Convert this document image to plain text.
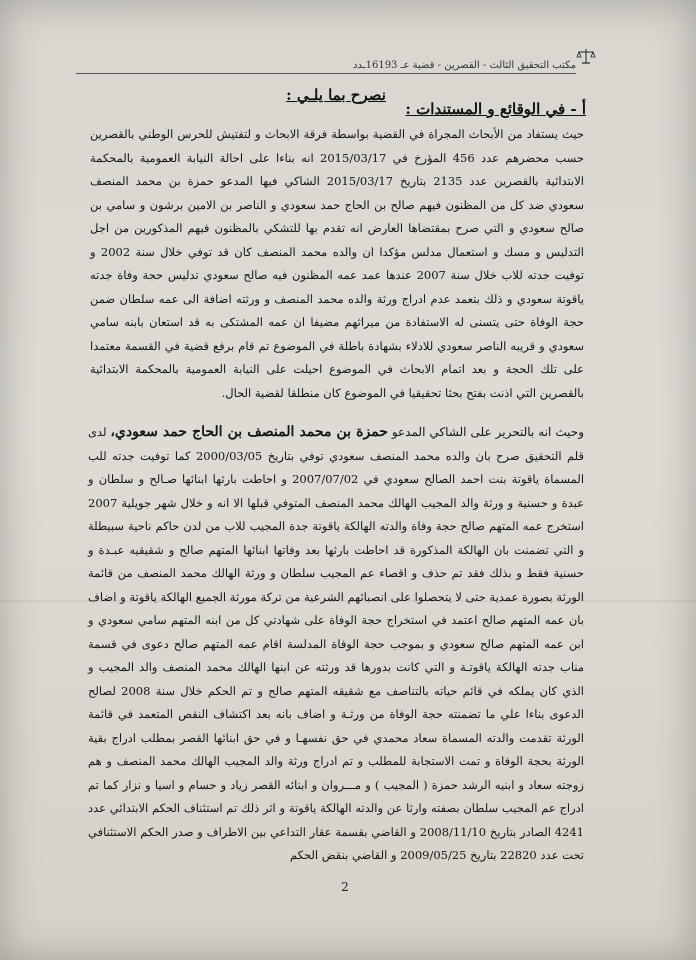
مكتب التحقيق الثالث - القصرين - قضية عـ 16193ـدد
نصرح بما يلـي :
أ - في الوقائع و المستندات :

حيث يستفاد من الأبحاث المجراة في القضية بواسطة فرقة الابحاث و لتفتيش للحرس الوطني بالقصرين حسب محضرهم عدد 456 المؤرخ في 2015/03/17 انه بناءا على احالة النيابة العمومية بالمحكمة الابتدائية بالقصرين عدد 2135 بتاريخ 2015/03/17 الشاكي فيها المدعو حمزة بن محمد المنصف سعودي ضد كل من المظنون فيهم صالح بن الحاج حمد سعودي و الناصر بن الامين برشون و سامي بن صالح سعودي و التي صرح بمقتضاها العارض انه تقدم بها للتشكي بالمظنون فيهم المذكورين من اجل التدليس و مسك و استعمال مدلس مؤكدا ان والده محمد المنصف كان قد توفي خلال سنة 2002 و توفيت جدته للاب خلال سنة 2007 عندها عمد عمه المظنون فيه صالح سعودي تدليس حجة وفاة جدته ياقوتة سعودي و ذلك بتعمد عدم ادراج ورثة والده محمد المنصف و ورثته اضافة الى عمه سلطان ضمن حجة الوفاة حتى يتسنى له الاستفادة من ميراثهم مضيفا ان عمه المشتكى به قد استعان بابنه سامي سعودي و قريبه الناصر سعودي للادلاء بشهادة باطلة في الموضوع تم قام برفع قضية في القسمة معتمدا على تلك الحجة و بعد اتمام الابحاث في الموضوع احيلت على النيابة العمومية بالمحكمة الابتدائية بالقصرين التي اذنت بفتح بحثا تحقيقيا في الموضوع كان منطلقا لقضية الحال.

وحيث انه بالتحرير على الشاكي المدعو حمزة بن محمد المنصف بن الحاج حمد سعودي، لدى قلم التحقيق صرح بان والده محمد المنصف سعودي توفي بتاريخ 2000/03/05 كما توفيت جدته للب المسماة ياقوتة بنت احمد الصالح سعودي في 2007/07/02 و احاطت بارثها ابنائها صـالح و سلطان و عبدة و حسنية و ورثة والد المجيب الهالك محمد المنصف المتوفي قبلها الا انه و خلال شهر جويلية 2007 استخرج عمه المتهم صالح حجة وفاة والدته الهالكة ياقوتة جدة المجيب للاب من لدن حاكم ناحية سبيطلة و التي تضمنت بان الهالكة المذكورة قد احاطت بارثها بعد وفاتها ابنائها المتهم صالح و شقيقيه عبـدة و حسنية فقط و بذلك فقد تم حذف و اقصاء عم المجيب سلطان و ورثة الهالك محمد المنصف من قائمة الورثة بصورة عمدية حتى لا يتحصلوا على انصبائهم الشرعية من تركة مورثة الجميع الهالكة ياقوتة و اضاف بان عمه المتهم صالح اعتمد في استخراج حجة الوفاة على شهادتي كل من ابنه المتهم سامي سعودي و ابن عمه المتهم صالح سعودي و بموجب حجة الوفاة المدلسة اقام عمه المتهم صالح دعوى في قسمة مناب جدته الهالكة ياقوتـة و التي كانت بدورها قد ورثته عن ابنها الهالك محمد المنصف والد المجيب و الذي كان يملكه في قائم حياته بالتناصف مع شقيقه المتهم صالح و تم الحكم خلال سنة 2008 لصالح الدعوى بناءا علي ما تضمنته حجة الوفاة من ورثـة و اضاف بانه بعد اكتشاف النقص المتعمد في قائمة الورثة تقدمت والدته المسماة سعاد محمدي في حق نفسهـا و في حق ابنائها القصر بمطلب ادراج بقية الورثة بحجة الوفاة و تمت الاستجابة للمطلب و تم ادراج ورثة والد المجيب الهالك محمد المنصف و هم زوجته سعاد و ابنيه الرشد حمزة ( المجيب ) و مـــروان و ابنائه القصر زياد و حسام و اسيا و نزار كما تم ادراج عم المجيب سلطان بصفته وارثا عن والدته الهالكة ياقوتة و اثر ذلك تم استئناف الحكم الابتدائي عدد 4241 الصادر بتاريخ 2008/11/10 و القاضي بقسمة عقار التداعي بين الاطراف و صدر الحكم الاستئنافي تحت عدد 22820 بتاريخ 2009/05/25 و القاضي بنقض الحكم

2
